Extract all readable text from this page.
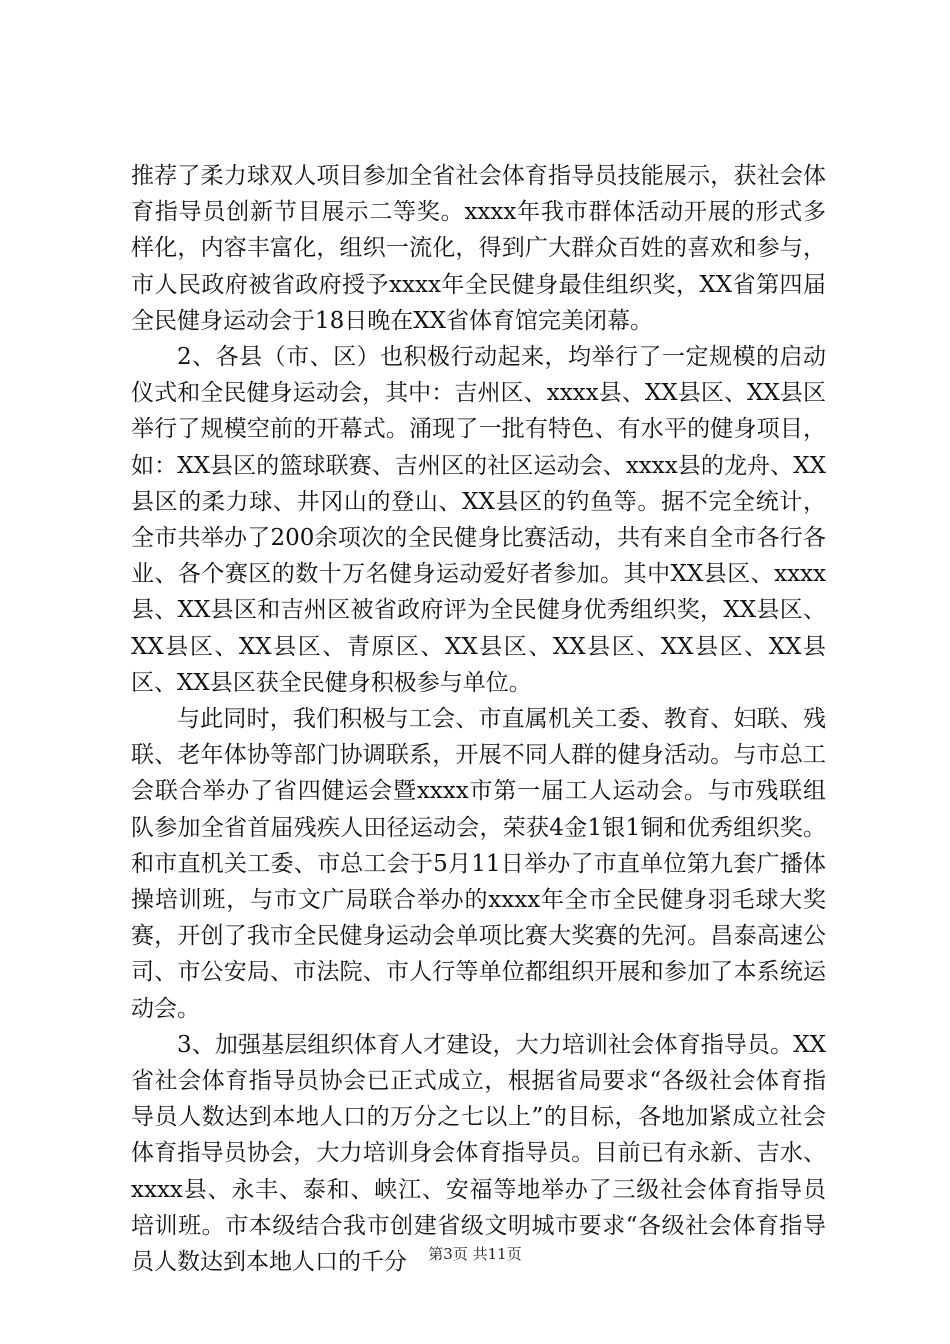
推荐了柔力球双人项目参加全省社会体育指导员技能展示，获社会体育指导员创新节目展示二等奖。xxxx年我市群体活动开展的形式多样化，内容丰富化，组织一流化，得到广大群众百姓的喜欢和参与，市人民政府被省政府授予xxxx年全民健身最佳组织奖，XX省第四届全民健身运动会于18日晚在XX省体育馆完美闭幕。

2、各县（市、区）也积极行动起来，均举行了一定规模的启动仪式和全民健身运动会，其中：吉州区、xxxx县、XX县区、XX县区举行了规模空前的开幕式。涌现了一批有特色、有水平的健身项目，如：XX县区的篮球联赛、吉州区的社区运动会、xxxx县的龙舟、XX县区的柔力球、井冈山的登山、XX县区的钓鱼等。据不完全统计，全市共举办了200余项次的全民健身比赛活动，共有来自全市各行各业、各个赛区的数十万名健身运动爱好者参加。其中XX县区、xxxx县、XX县区和吉州区被省政府评为全民健身优秀组织奖，XX县区、XX县区、XX县区、青原区、XX县区、XX县区、XX县区、XX县区、XX县区获全民健身积极参与单位。

与此同时，我们积极与工会、市直属机关工委、教育、妇联、残联、老年体协等部门协调联系，开展不同人群的健身活动。与市总工会联合举办了省四健运会暨xxxx市第一届工人运动会。与市残联组队参加全省首届残疾人田径运动会，荣获4金1银1铜和优秀组织奖。和市直机关工委、市总工会于5月11日举办了市直单位第九套广播体操培训班，与市文广局联合举办的xxxx年全市全民健身羽毛球大奖赛，开创了我市全民健身运动会单项比赛大奖赛的先河。昌泰高速公司、市公安局、市法院、市人行等单位都组织开展和参加了本系统运动会。

3、加强基层组织体育人才建设，大力培训社会体育指导员。XX省社会体育指导员协会已正式成立，根据省局要求“各级社会体育指导员人数达到本地人口的万分之七以上”的目标，各地加紧成立社会体育指导员协会，大力培训身会体育指导员。目前已有永新、吉水、xxxx县、永丰、泰和、峡江、安福等地举办了三级社会体育指导员培训班。市本级结合我市创建省级文明城市要求“各级社会体育指导员人数达到本地人口的千分	第3页 共11页
